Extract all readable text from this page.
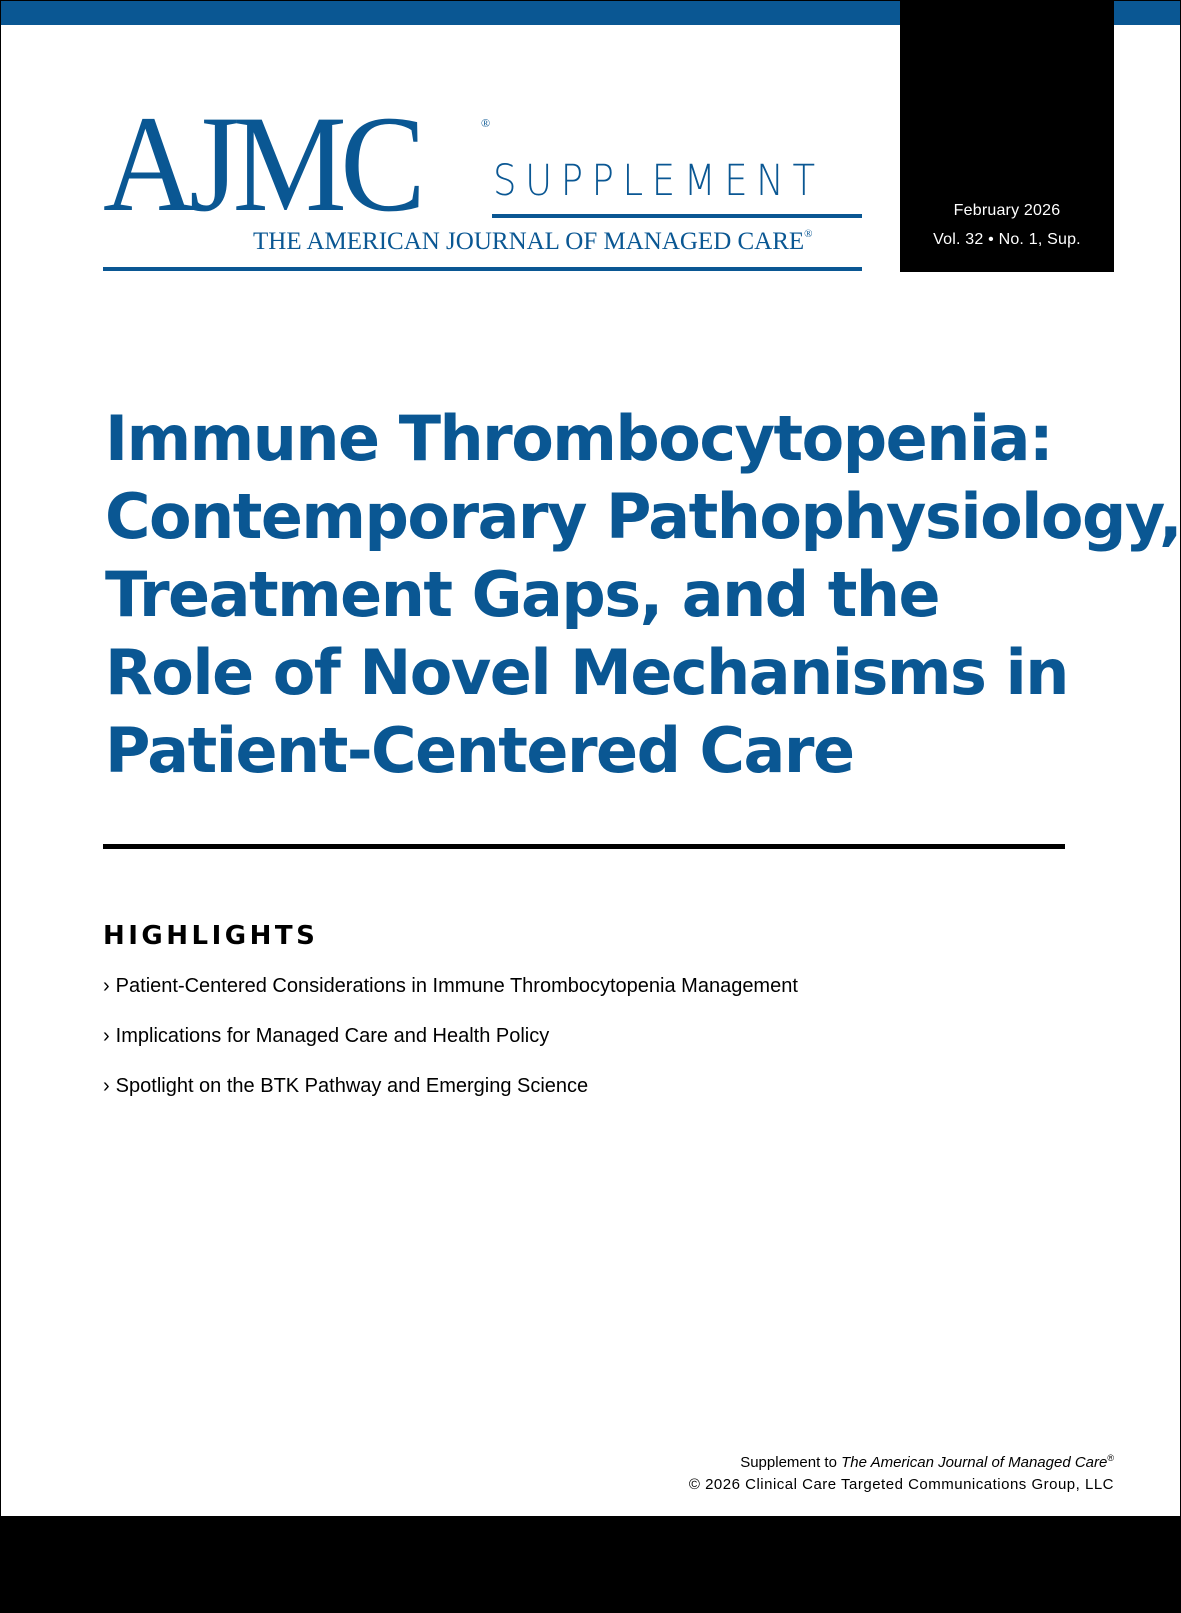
February 2026
Vol. 32 • No. 1, Sup.
AJMC	®
SUPPLEMENT
THE AMERICAN JOURNAL OF MANAGED CARE®
Immune Thrombocytopenia:
Contemporary Pathophysiology,
Treatment Gaps, and the
Role of Novel Mechanisms in
Patient-Centered Care
HIGHLIGHTS
› Patient-Centered Considerations in Immune Thrombocytopenia Management
› Implications for Managed Care and Health Policy
› Spotlight on the BTK Pathway and Emerging Science
Supplement to The American Journal of Managed Care®
© 2026 Clinical Care Targeted Communications Group, LLC
